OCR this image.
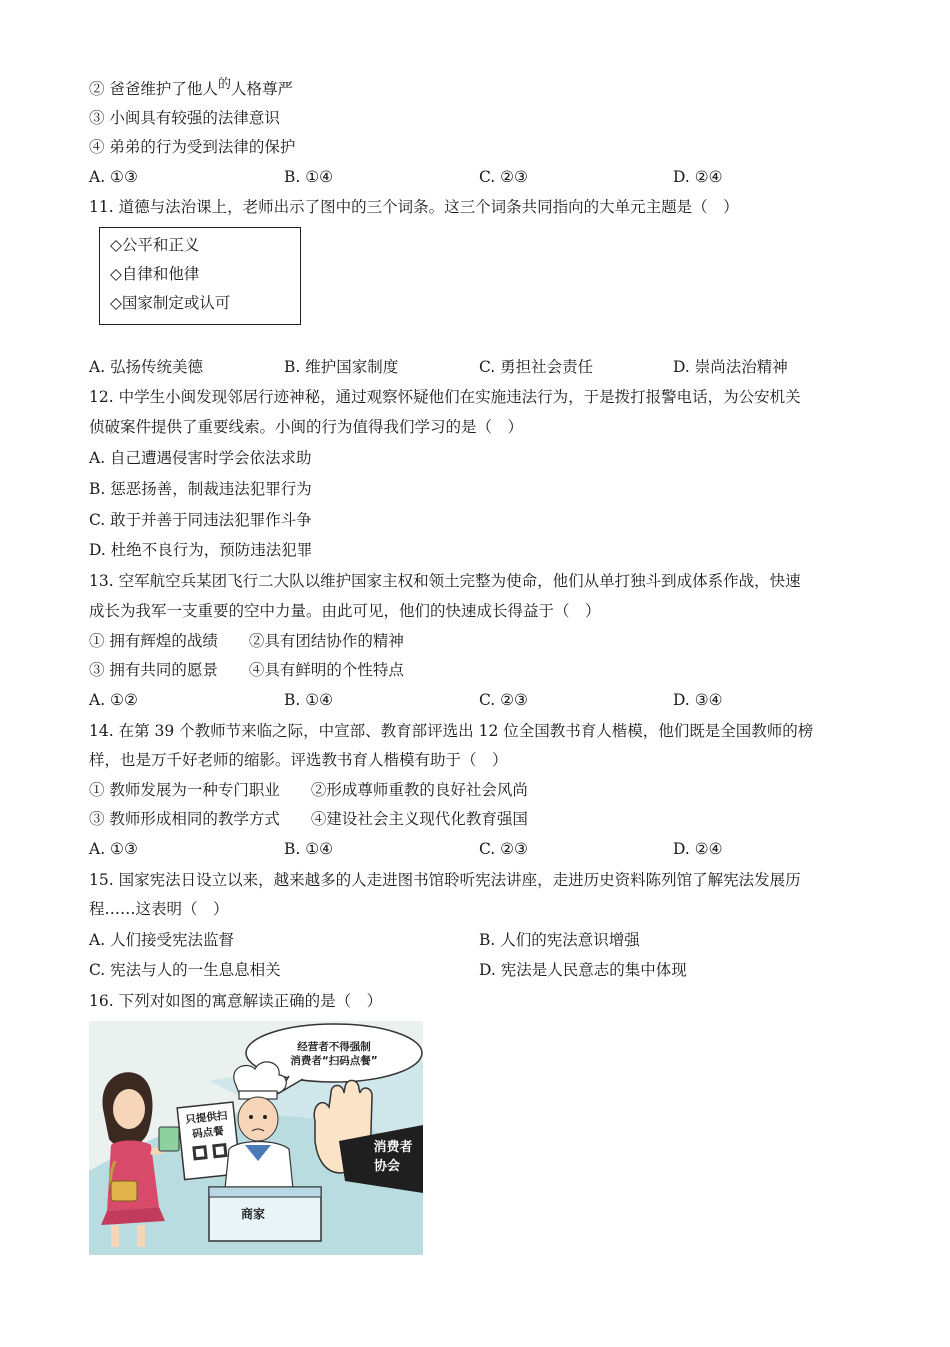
② 爸爸维护了他人$^的$人格尊严
③ 小闽具有较强的法律意识
④ 弟弟的行为受到法律的保护
A. ①③	B. ①④	C. ②③	D. ②④
11. 道德与法治课上，老师出示了图中的三个词条。这三个词条共同指向的大单元主题是（　）
◇公平和正义
◇自律和他律
◇国家制定或认可
A. 弘扬传统美德	B. 维护国家制度	C. 勇担社会责任	D. 崇尚法治精神
12. 中学生小闽发现邻居行迹神秘，通过观察怀疑他们在实施违法行为，于是拨打报警电话，为公安机关
侦破案件提供了重要线索。小闽的行为值得我们学习的是（　）
A. 自己遭遇侵害时学会依法求助
B. 惩恶扬善，制裁违法犯罪行为
C. 敢于并善于同违法犯罪作斗争
D. 杜绝不良行为，预防违法犯罪
13. 空军航空兵某团飞行二大队以维护国家主权和领土完整为使命，他们从单打独斗到成体系作战，快速
成长为我军一支重要的空中力量。由此可见，他们的快速成长得益于（　）
① 拥有辉煌的战绩　　②具有团结协作的精神
③ 拥有共同的愿景　　④具有鲜明的个性特点
A. ①②	B. ①④	C. ②③	D. ③④
14. 在第 39 个教师节来临之际，中宣部、教育部评选出 12 位全国教书育人楷模，他们既是全国教师的榜
样，也是万千好老师的缩影。评选教书育人楷模有助于（　）
① 教师发展为一种专门职业　　②形成尊师重教的良好社会风尚
③ 教师形成相同的教学方式　　④建设社会主义现代化教育强国
A. ①③	B. ①④	C. ②③	D. ②④
15. 国家宪法日设立以来，越来越多的人走进图书馆聆听宪法讲座，走进历史资料陈列馆了解宪法发展历
程……这表明（　）
A. 人们接受宪法监督	B. 人们的宪法意识增强
C. 宪法与人的一生息息相关	D. 宪法是人民意志的集中体现
16. 下列对如图的寓意解读正确的是（　）
经营者不得强制
消费者“扫码点餐”
只提供扫
码点餐
商家
消费者
协会
